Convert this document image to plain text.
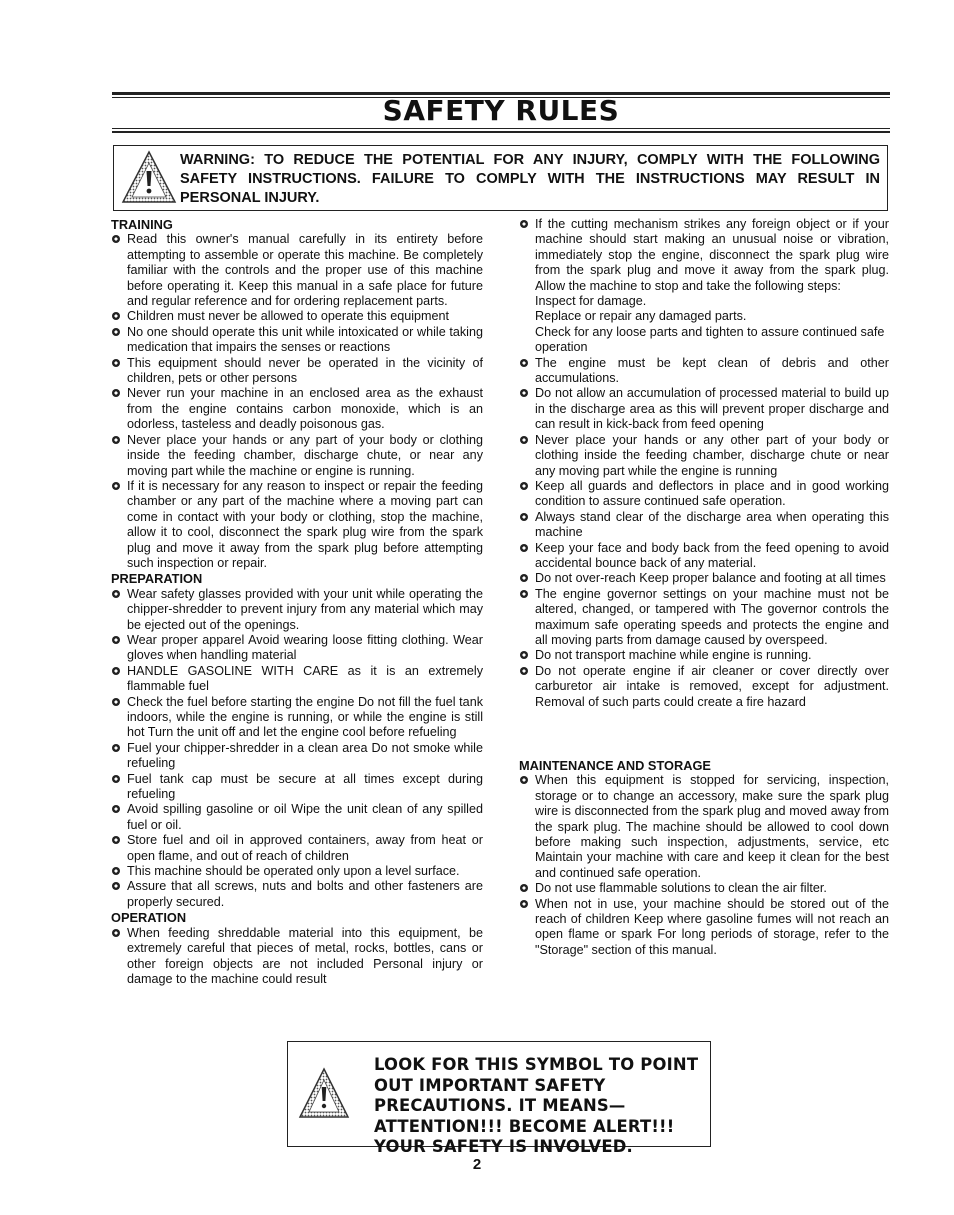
SAFETY RULES
WARNING: TO REDUCE THE POTENTIAL FOR ANY INJURY, COMPLY WITH THE FOLLOWING SAFETY INSTRUCTIONS. FAILURE TO COMPLY WITH THE INSTRUCTIONS MAY RESULT IN PERSONAL INJURY.

TRAINING

Read this owner's manual carefully in its entirety before attempting to assemble or operate this machine. Be completely familiar with the controls and the proper use of this machine before operating it. Keep this manual in a safe place for future and regular reference and for ordering replacement parts.
Children must never be allowed to operate this equipment
No one should operate this unit while intoxicated or while taking medication that impairs the senses or reactions
This equipment should never be operated in the vicinity of children, pets or other persons
Never run your machine in an enclosed area as the exhaust from the engine contains carbon monoxide, which is an odorless, tasteless and deadly poisonous gas.
Never place your hands or any part of your body or clothing inside the feeding chamber, discharge chute, or near any moving part while the machine or engine is running.
If it is necessary for any reason to inspect or repair the feeding chamber or any part of the machine where a moving part can come in contact with your body or clothing, stop the machine, allow it to cool, disconnect the spark plug wire from the spark plug and move it away from the spark plug before attempting such inspection or repair.

PREPARATION

Wear safety glasses provided with your unit while operating the chipper-shredder to prevent injury from any material which may be ejected out of the openings.
Wear proper apparel Avoid wearing loose fitting clothing. Wear gloves when handling material
HANDLE GASOLINE WITH CARE as it is an extremely flammable fuel
Check the fuel before starting the engine Do not fill the fuel tank indoors, while the engine is running, or while the engine is still hot Turn the unit off and let the engine cool before refueling
Fuel your chipper-shredder in a clean area Do not smoke while refueling
Fuel tank cap must be secure at all times except during refueling
Avoid spilling gasoline or oil Wipe the unit clean of any spilled fuel or oil.
Store fuel and oil in approved containers, away from heat or open flame, and out of reach of children
This machine should be operated only upon a level surface.
Assure that all screws, nuts and bolts and other fasteners are properly secured.

OPERATION

When feeding shreddable material into this equipment, be extremely careful that pieces of metal, rocks, bottles, cans or other foreign objects are not included Personal injury or damage to the machine could result
If the cutting mechanism strikes any foreign object or if your machine should start making an unusual noise or vibration, immediately stop the engine, disconnect the spark plug wire from the spark plug and move it away from the spark plug. Allow the machine to stop and take the following steps:
Inspect for damage.
Replace or repair any damaged parts.
Check for any loose parts and tighten to assure continued safe operation
The engine must be kept clean of debris and other accumulations.
Do not allow an accumulation of processed material to build up in the discharge area as this will prevent proper discharge and can result in kick-back from feed opening
Never place your hands or any other part of your body or clothing inside the feeding chamber, discharge chute or near any moving part while the engine is running
Keep all guards and deflectors in place and in good working condition to assure continued safe operation.
Always stand clear of the discharge area when operating this machine
Keep your face and body back from the feed opening to avoid accidental bounce back of any material.
Do not over-reach Keep proper balance and footing at all times
The engine governor settings on your machine must not be altered, changed, or tampered with The governor controls the maximum safe operating speeds and protects the engine and all moving parts from damage caused by overspeed.
Do not transport machine while engine is running.
Do not operate engine if air cleaner or cover directly over carburetor air intake is removed, except for adjustment. Removal of such parts could create a fire hazard

MAINTENANCE AND STORAGE

When this equipment is stopped for servicing, inspection, storage or to change an accessory, make sure the spark plug wire is disconnected from the spark plug and moved away from the spark plug. The machine should be allowed to cool down before making such inspection, adjustments, service, etc Maintain your machine with care and keep it clean for the best and continued safe operation.
Do not use flammable solutions to clean the air filter.
When not in use, your machine should be stored out of the reach of children Keep where gasoline fumes will not reach an open flame or spark For long periods of storage, refer to the "Storage" section of this manual.
LOOK FOR THIS SYMBOL TO POINT OUT IMPORTANT SAFETY PRECAUTIONS. IT MEANS—ATTENTION!!! BECOME ALERT!!! YOUR SAFETY IS INVOLVED.
2
